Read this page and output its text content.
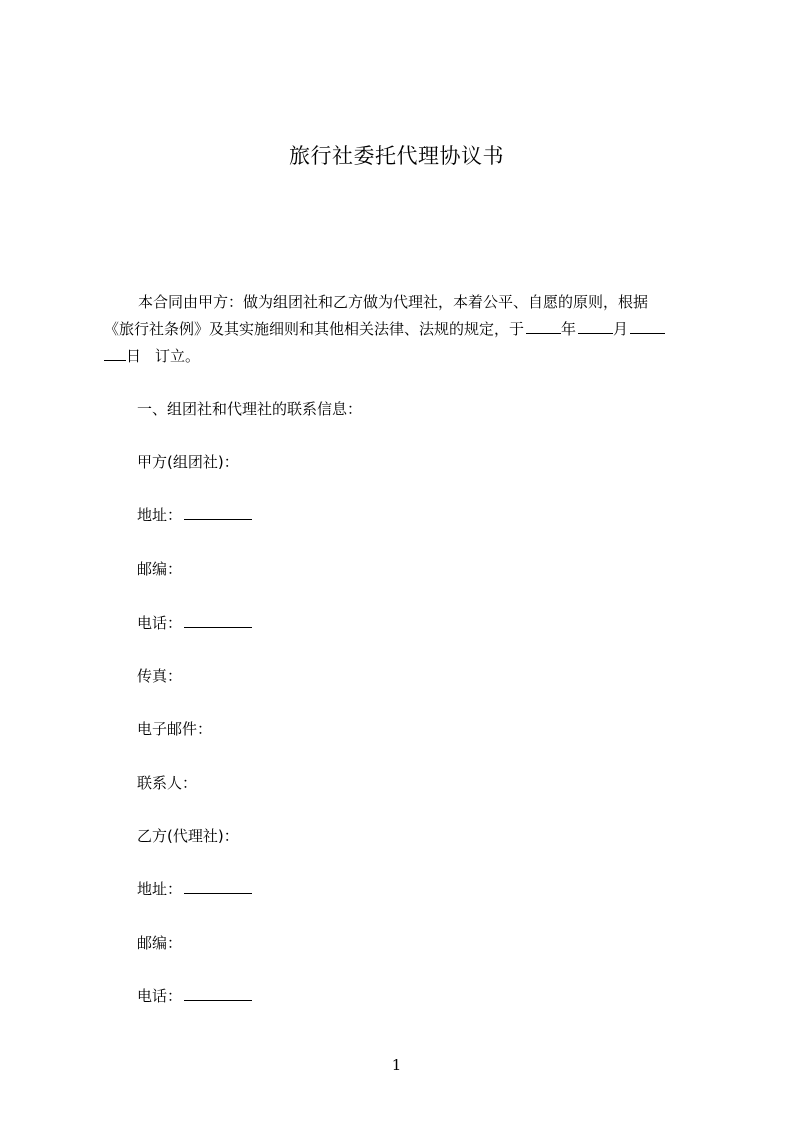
旅行社委托代理协议书
本合同由甲方：做为组团社和乙方做为代理社，本着公平、自愿的原则，根据
《旅行社条例》及其实施细则和其他相关法律、法规的规定，于 年 月
日 订立。
一、组团社和代理社的联系信息：
甲方(组团社)：
地址：
邮编：
电话：
传真：
电子邮件：
联系人：
乙方(代理社)：
地址：
邮编：
电话：
1
